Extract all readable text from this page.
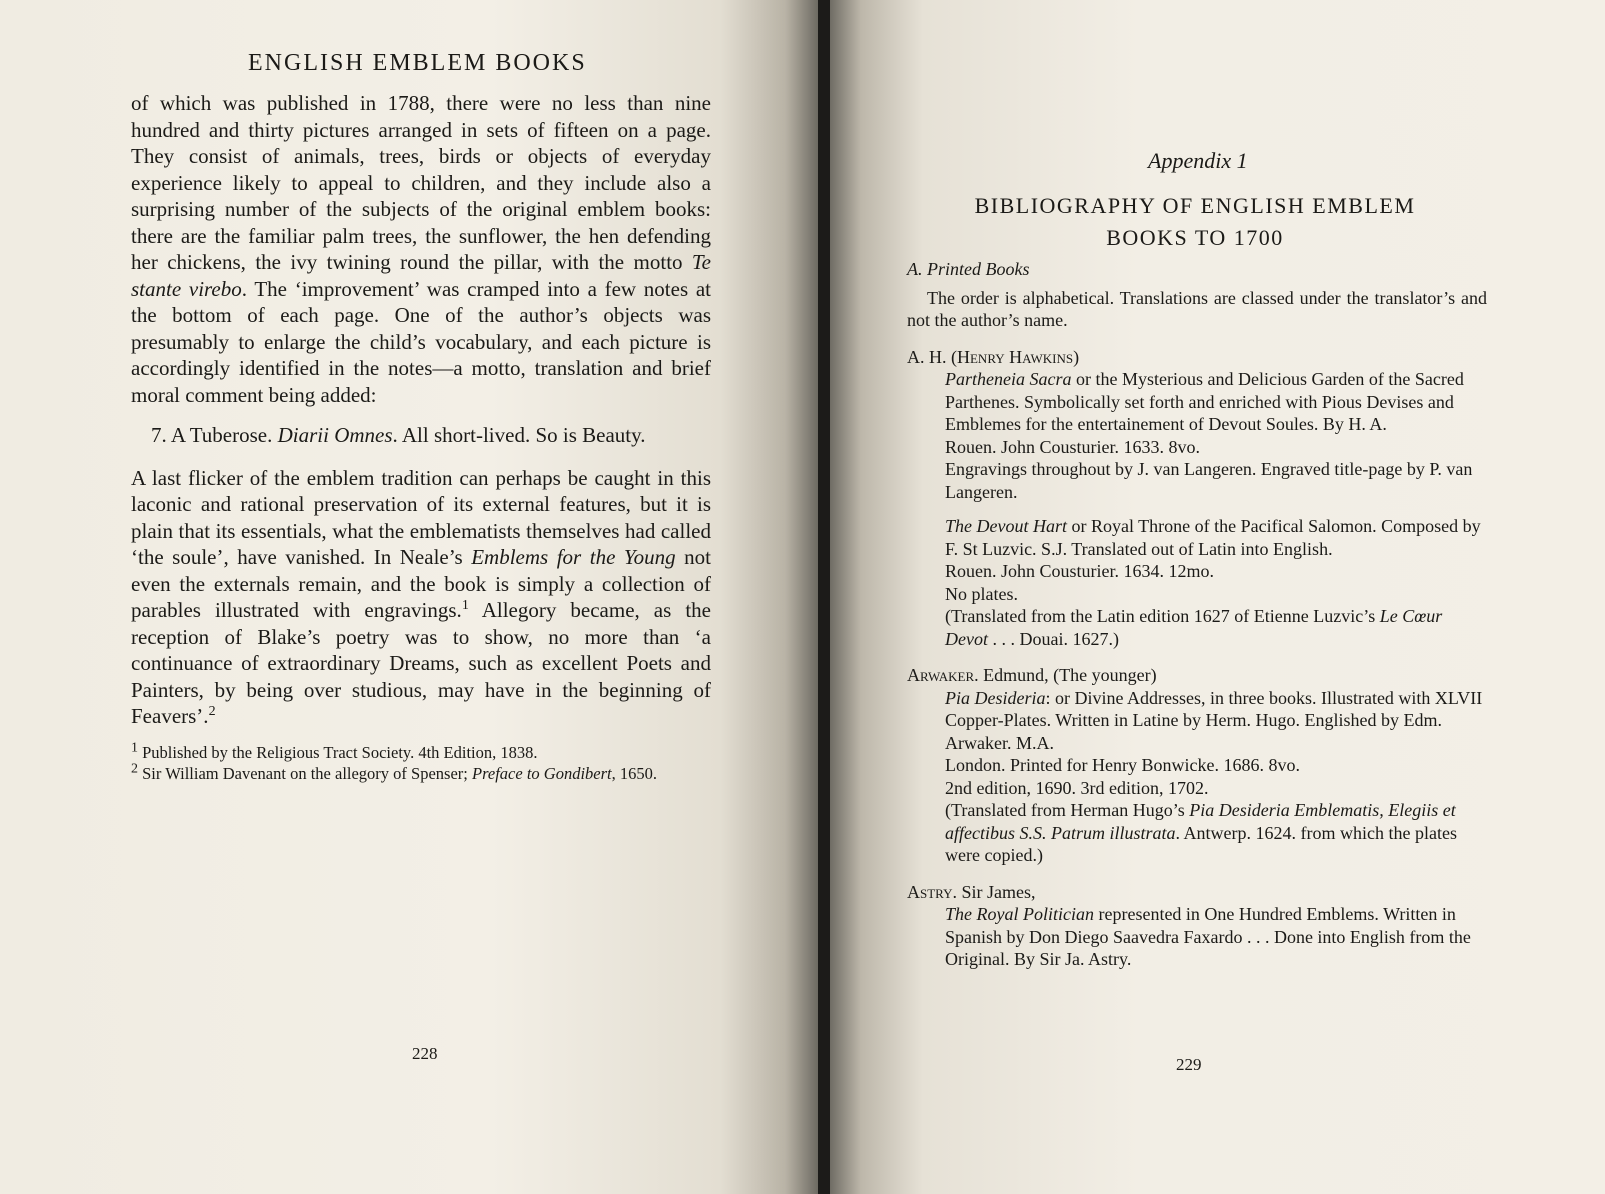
ENGLISH EMBLEM BOOKS

of which was published in 1788, there were no less than nine hundred and thirty pictures arranged in sets of fifteen on a page. They consist of animals, trees, birds or objects of everyday experience likely to appeal to children, and they include also a surprising number of the subjects of the original emblem books: there are the familiar palm trees, the sunflower, the hen defending her chickens, the ivy twining round the pillar, with the motto Te stante virebo. The ‘improvement’ was cramped into a few notes at the bottom of each page. One of the author’s objects was presumably to enlarge the child’s vocabulary, and each picture is accordingly identified in the notes—a motto, translation and brief moral comment being added:

7. A Tuberose. Diarii Omnes. All short-lived. So is Beauty.

A last flicker of the emblem tradition can perhaps be caught in this laconic and rational preservation of its external features, but it is plain that its essentials, what the emblematists themselves had called ‘the soule’, have vanished. In Neale’s Emblems for the Young not even the externals remain, and the book is simply a collection of parables illustrated with engravings.$^1$ Allegory became, as the reception of Blake’s poetry was to show, no more than ‘a continuance of extraordinary Dreams, such as excellent Poets and Painters, by being over studious, may have in the beginning of Feavers’.$^2$

$^1$ Published by the Religious Tract Society. 4th Edition, 1838.

$^2$ Sir William Davenant on the allegory of Spenser; Preface to Gondibert, 1650.

228
Appendix 1
BIBLIOGRAPHY OF ENGLISH EMBLEM
BOOKS TO 1700

A. Printed Books

The order is alphabetical. Translations are classed under the translator’s and not the author’s name.

A. H. (Henry Hawkins)

Partheneia Sacra or the Mysterious and Delicious Garden of the Sacred Parthenes. Symbolically set forth and enriched with Pious Devises and Emblemes for the entertainement of Devout Soules. By H. A.

Rouen. John Cousturier. 1633. 8vo.

Engravings throughout by J. van Langeren. Engraved title-page by P. van Langeren.

The Devout Hart or Royal Throne of the Pacifical Salomon. Composed by F. St Luzvic. S.J. Translated out of Latin into English.

Rouen. John Cousturier. 1634. 12mo.

No plates.

(Translated from the Latin edition 1627 of Etienne Luzvic’s Le Cœur Devot . . . Douai. 1627.)

Arwaker. Edmund, (The younger)

Pia Desideria: or Divine Addresses, in three books. Illustrated with XLVII Copper-Plates. Written in Latine by Herm. Hugo. Englished by Edm. Arwaker. M.A.

London. Printed for Henry Bonwicke. 1686. 8vo.

2nd edition, 1690. 3rd edition, 1702.

(Translated from Herman Hugo’s Pia Desideria Emblematis, Elegiis et affectibus S.S. Patrum illustrata. Antwerp. 1624. from which the plates were copied.)

Astry. Sir James,

The Royal Politician represented in One Hundred Emblems. Written in Spanish by Don Diego Saavedra Faxardo . . . Done into English from the Original. By Sir Ja. Astry.

229
